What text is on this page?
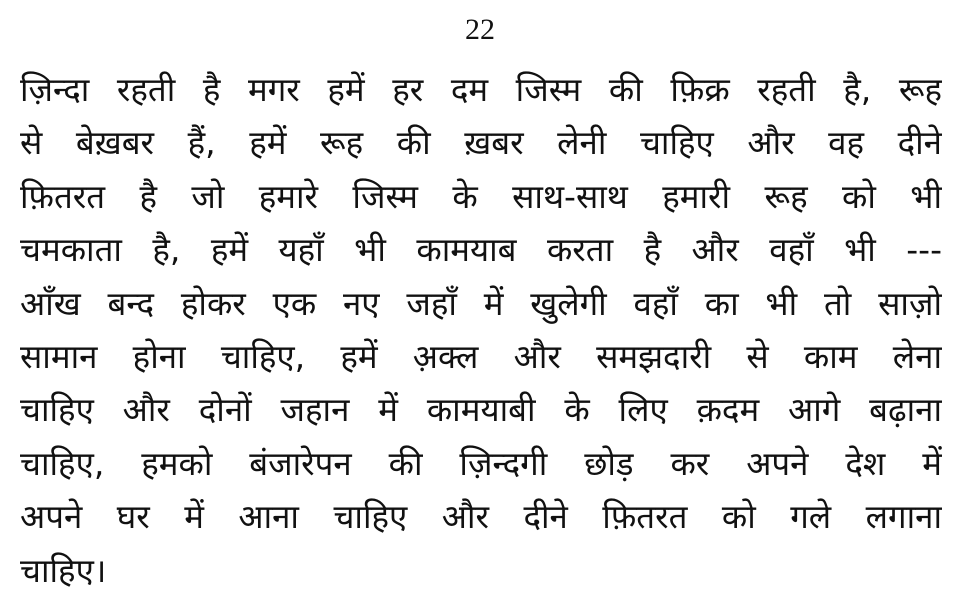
22
ज़िन्दा रहती है मगर हमें हर दम जिस्म की फ़िक्र रहती है, रूह
से बेख़बर हैं, हमें रूह की ख़बर लेनी चाहिए और वह दीने
फ़ितरत है जो हमारे जिस्म के साथ-साथ हमारी रूह को भी
चमकाता है, हमें यहाँ भी कामयाब करता है और वहाँ भी ---
आँख बन्द होकर एक नए जहाँ में खुलेगी वहाँ का भी तो साज़ो
सामान होना चाहिए, हमें अ़क्ल और समझदारी से काम लेना
चाहिए और दोनों जहान में कामयाबी के लिए क़दम आगे बढ़ाना
चाहिए, हमको बंजारेपन की ज़िन्दगी छोड़ कर अपने देश में
अपने घर में आना चाहिए और दीने फ़ितरत को गले लगाना
चाहिए।
